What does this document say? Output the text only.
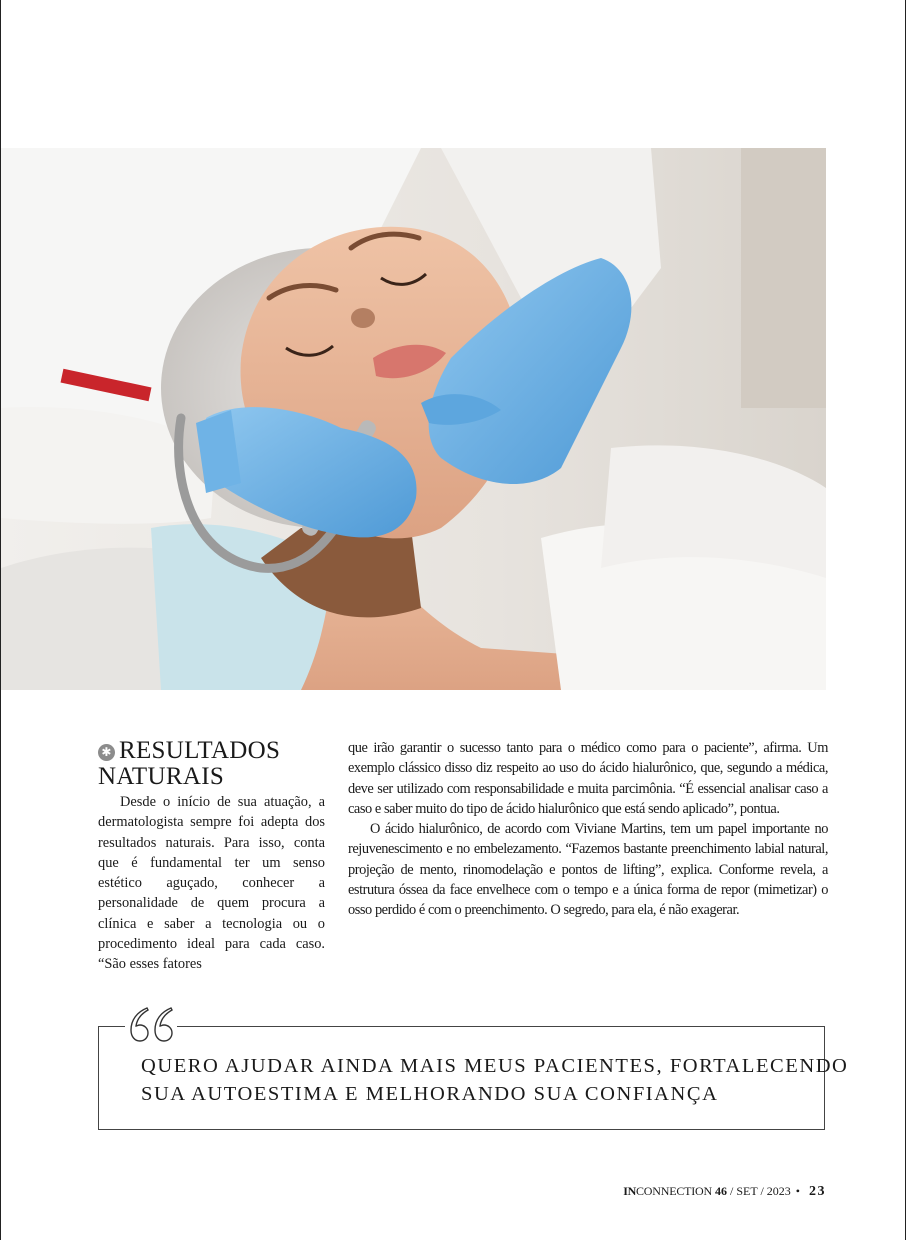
✱ RESULTADOS
NATURAIS

Desde o início de sua atuação, a dermatologista sempre foi adepta dos resultados naturais. Para isso, conta que é fundamental ter um senso estético aguçado, conhecer a personalidade de quem procura a clínica e saber a tecnologia ou o procedimento ideal para cada caso. “São esses fatores

que irão garantir o sucesso tanto para o médico como para o paciente”, afirma. Um exemplo clássico disso diz respeito ao uso do ácido hialurônico, que, segundo a médica, deve ser utilizado com responsabilidade e muita parcimônia. “É essencial analisar caso a caso e saber muito do tipo de ácido hialurônico que está sendo aplicado”, pontua.

O ácido hialurônico, de acordo com Viviane Martins, tem um papel importante no rejuvenescimento e no embelezamento. “Fazemos bastante preenchimento labial natural, projeção de mento, rinomodelação e pontos de lifting”, explica. Conforme revela, a estrutura óssea da face envelhece com o tempo e a única forma de repor (mimetizar) o osso perdido é com o preenchimento. O segredo, para ela, é não exagerar.

QUERO AJUDAR AINDA MAIS MEUS PACIENTES, FORTALECENDO
SUA AUTOESTIMA E MELHORANDO SUA CONFIANÇA
INCONNECTION 46 / SET / 2023 • 23
